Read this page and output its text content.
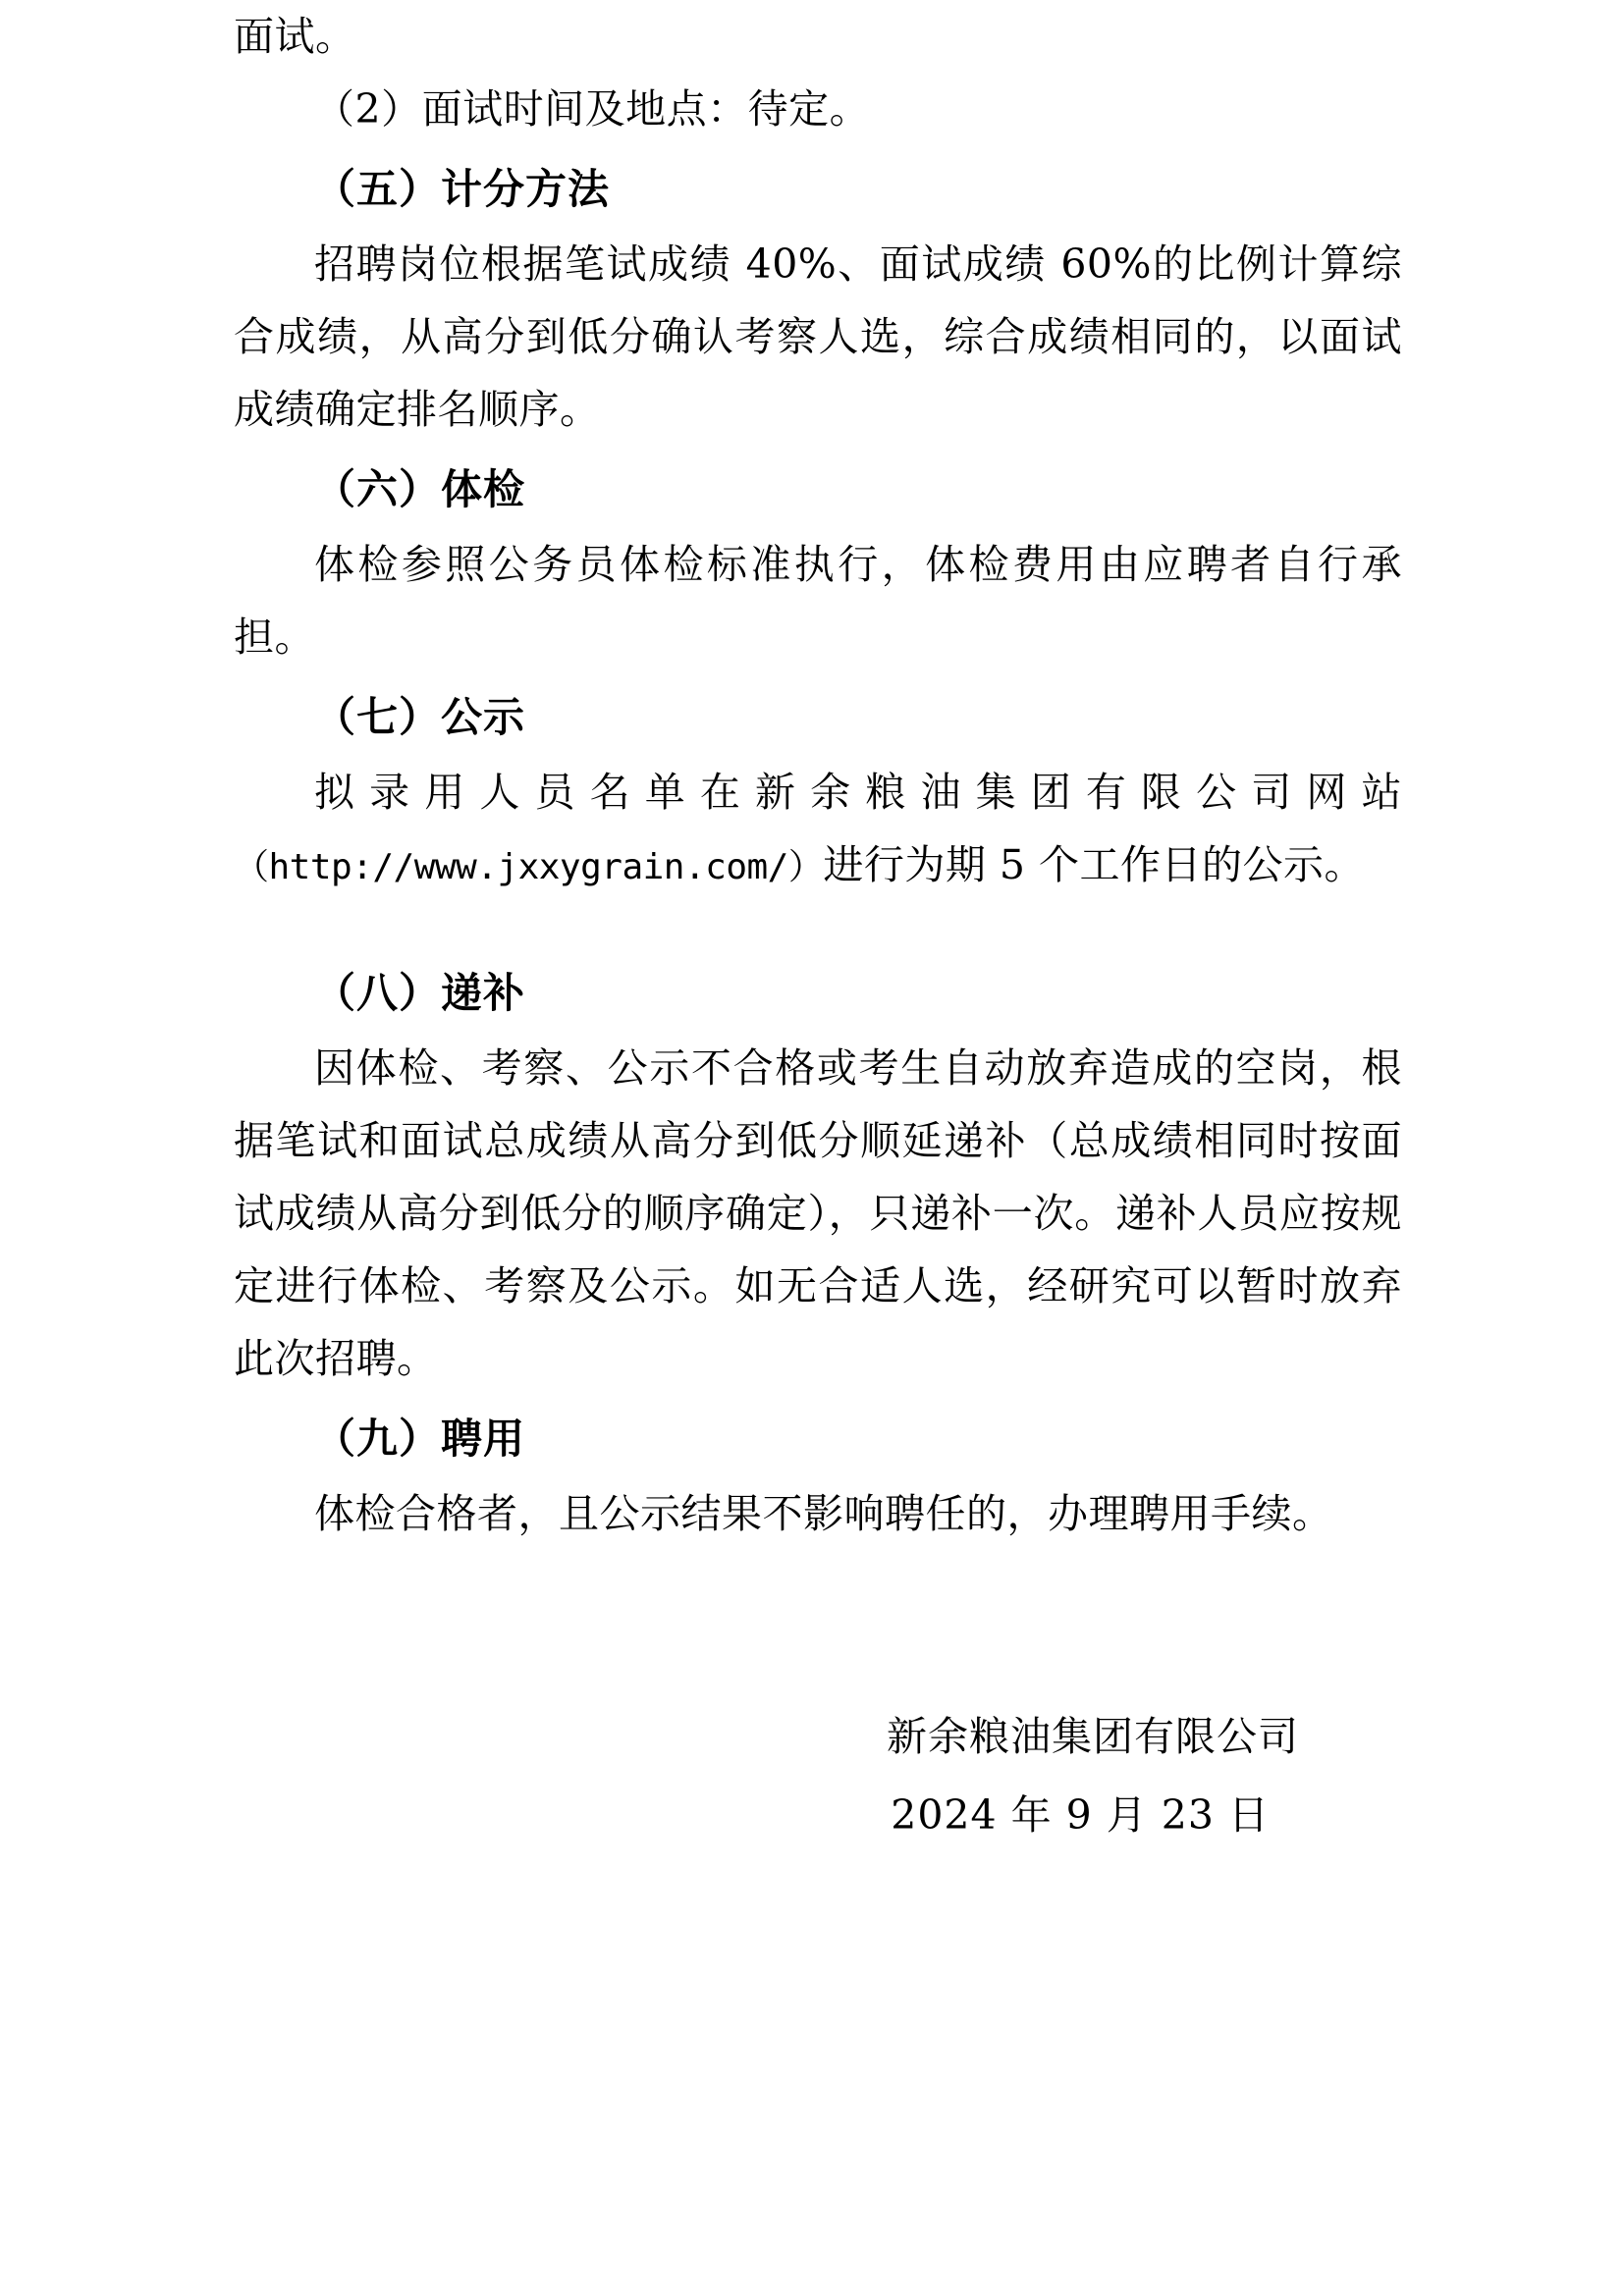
面试。

（2）面试时间及地点：待定。

（五）计分方法

招聘岗位根据笔试成绩 40%、面试成绩 60%的比例计算综合成绩，从高分到低分确认考察人选，综合成绩相同的，以面试成绩确定排名顺序。

（六）体检

体检参照公务员体检标准执行，体检费用由应聘者自行承担。

（七）公示

拟录用人员名单在新余粮油集团有限公司网站（http://www.jxxygrain.com/）进行为期 5 个工作日的公示。

（八）递补

因体检、考察、公示不合格或考生自动放弃造成的空岗，根据笔试和面试总成绩从高分到低分顺延递补（总成绩相同时按面试成绩从高分到低分的顺序确定），只递补一次。递补人员应按规定进行体检、考察及公示。如无合适人选，经研究可以暂时放弃此次招聘。

（九）聘用

体检合格者，且公示结果不影响聘任的，办理聘用手续。

新余粮油集团有限公司
2024 年 9 月 23 日
